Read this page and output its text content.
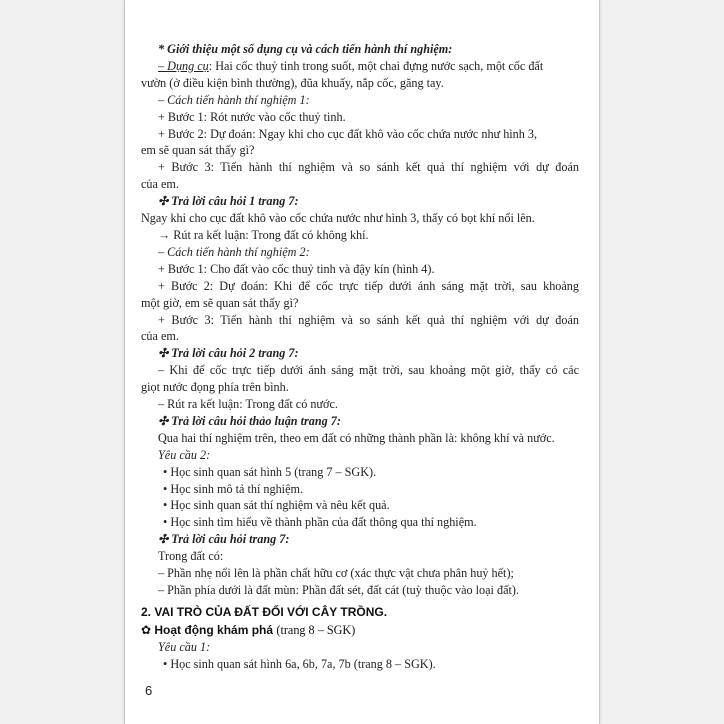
* Giới thiệu một số dụng cụ và cách tiến hành thí nghiệm:
– Dụng cụ: Hai cốc thuỷ tinh trong suốt, một chai đựng nước sạch, một cốc đất
vườn (ở điều kiện bình thường), đũa khuấy, nắp cốc, găng tay.
– Cách tiến hành thí nghiệm 1:
+ Bước 1: Rót nước vào cốc thuỷ tinh.
+ Bước 2: Dự đoán: Ngay khi cho cục đất khô vào cốc chứa nước như hình 3,
em sẽ quan sát thấy gì?
+ Bước 3: Tiến hành thí nghiệm và so sánh kết quả thí nghiệm với dự đoán
của em.
✣ Trả lời câu hỏi 1 trang 7:
Ngay khi cho cục đất khô vào cốc chứa nước như hình 3, thấy có bọt khí nổi lên.
→ Rút ra kết luận: Trong đất có không khí.
– Cách tiến hành thí nghiệm 2:
+ Bước 1: Cho đất vào cốc thuỷ tinh và đậy kín (hình 4).
+ Bước 2: Dự đoán: Khi để cốc trực tiếp dưới ánh sáng mặt trời, sau khoảng
một giờ, em sẽ quan sát thấy gì?
+ Bước 3: Tiến hành thí nghiệm và so sánh kết quả thí nghiệm với dự đoán
của em.
✣ Trả lời câu hỏi 2 trang 7:
– Khi để cốc trực tiếp dưới ánh sáng mặt trời, sau khoảng một giờ, thấy có các
giọt nước đọng phía trên bình.
– Rút ra kết luận: Trong đất có nước.
✣ Trả lời câu hỏi thảo luận trang 7:
Qua hai thí nghiệm trên, theo em đất có những thành phần là: không khí và nước.
Yêu cầu 2:
• Học sinh quan sát hình 5 (trang 7 – SGK).
• Học sinh mô tả thí nghiệm.
• Học sinh quan sát thí nghiệm và nêu kết quả.
• Học sinh tìm hiểu về thành phần của đất thông qua thí nghiệm.
✣ Trả lời câu hỏi trang 7:
Trong đất có:
– Phần nhẹ nổi lên là phần chất hữu cơ (xác thực vật chưa phân huỷ hết);
– Phần phía dưới là đất mùn: Phần đất sét, đất cát (tuỳ thuộc vào loại đất).
2. VAI TRÒ CỦA ĐẤT ĐỐI VỚI CÂY TRỒNG.
✿ Hoạt động khám phá (trang 8 – SGK)
Yêu cầu 1:
• Học sinh quan sát hình 6a, 6b, 7a, 7b (trang 8 – SGK).
6
